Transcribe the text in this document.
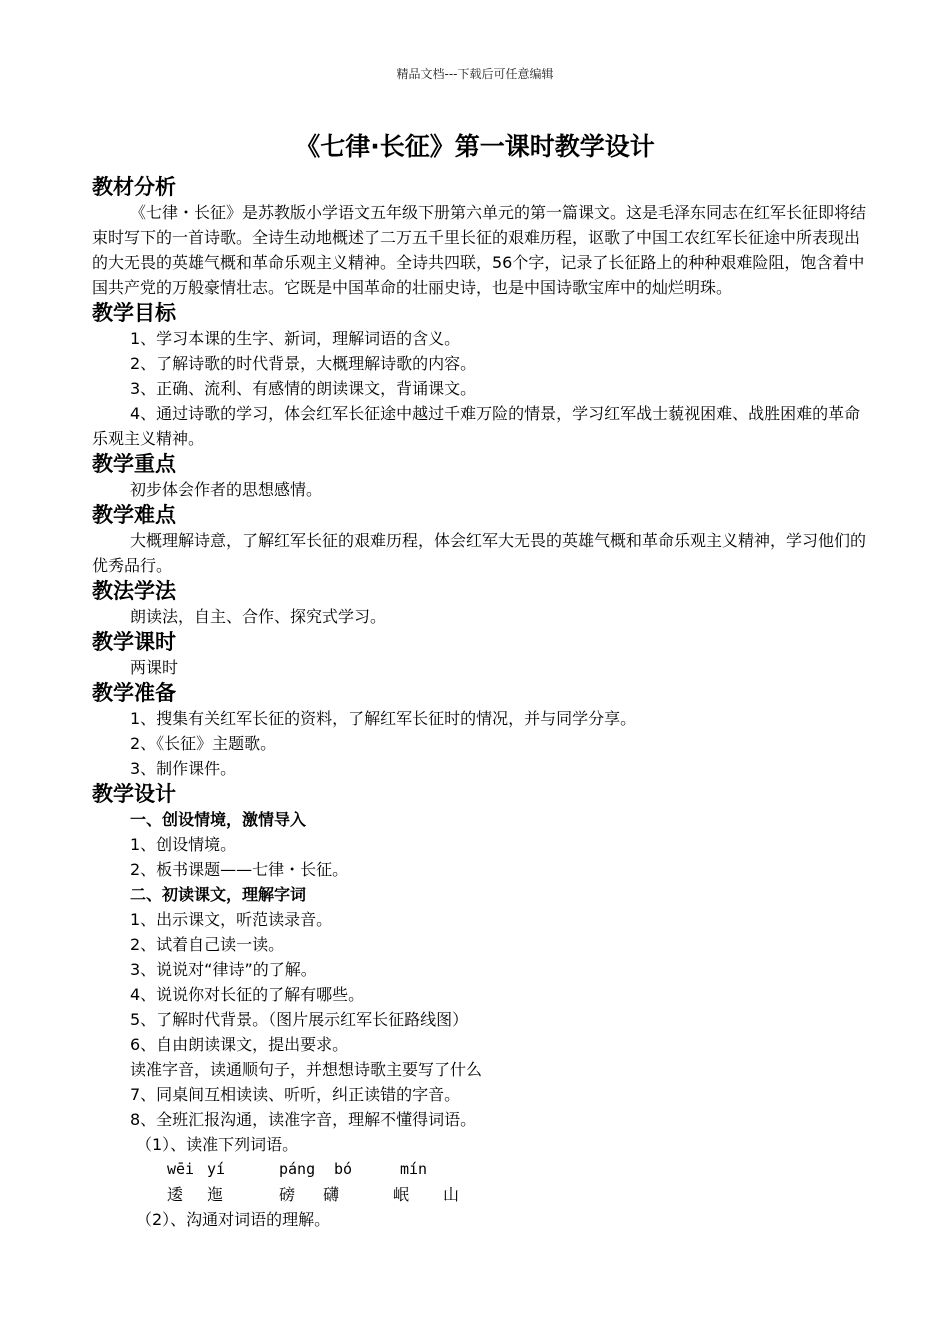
精品文档---下载后可任意编辑
《七律·长征》第一课时教学设计
教材分析
《七律・长征》是苏教版小学语文五年级下册第六单元的第一篇课文。这是毛泽东同志在红军长征即将结束时写下的一首诗歌。全诗生动地概述了二万五千里长征的艰难历程，讴歌了中国工农红军长征途中所表现出的大无畏的英雄气概和革命乐观主义精神。全诗共四联，56个字，记录了长征路上的种种艰难险阻，饱含着中国共产党的万般豪情壮志。它既是中国革命的壮丽史诗，也是中国诗歌宝库中的灿烂明珠。
教学目标
1、学习本课的生字、新词，理解词语的含义。
2、了解诗歌的时代背景，大概理解诗歌的内容。
3、正确、流利、有感情的朗读课文，背诵课文。
4、通过诗歌的学习，体会红军长征途中越过千难万险的情景，学习红军战士藐视困难、战胜困难的革命乐观主义精神。
教学重点
初步体会作者的思想感情。
教学难点
大概理解诗意，了解红军长征的艰难历程，体会红军大无畏的英雄气概和革命乐观主义精神，学习他们的优秀品行。
教法学法
朗读法，自主、合作、探究式学习。
教学课时
两课时
教学准备
1、搜集有关红军长征的资料，了解红军长征时的情况，并与同学分享。
2、《长征》主题歌。
3、制作课件。
教学设计
一、创设情境，激情导入
1、创设情境。
2、板书课题——七律・长征。
二、初读课文，理解字词
1、出示课文，听范读录音。
2、试着自己读一读。
3、说说对“律诗”的了解。
4、说说你对长征的了解有哪些。
5、了解时代背景。（图片展示红军长征路线图）
6、自由朗读课文，提出要求。
读准字音，读通顺句子，并想想诗歌主要写了什么
7、同桌间互相读读、听听，纠正读错的字音。
8、全班汇报沟通，读准字音，理解不懂得词语。
（1）、读准下列词语。
wēi yí	páng	bó	mín
逶	迤	磅	礴	岷	山
（2）、沟通对词语的理解。
